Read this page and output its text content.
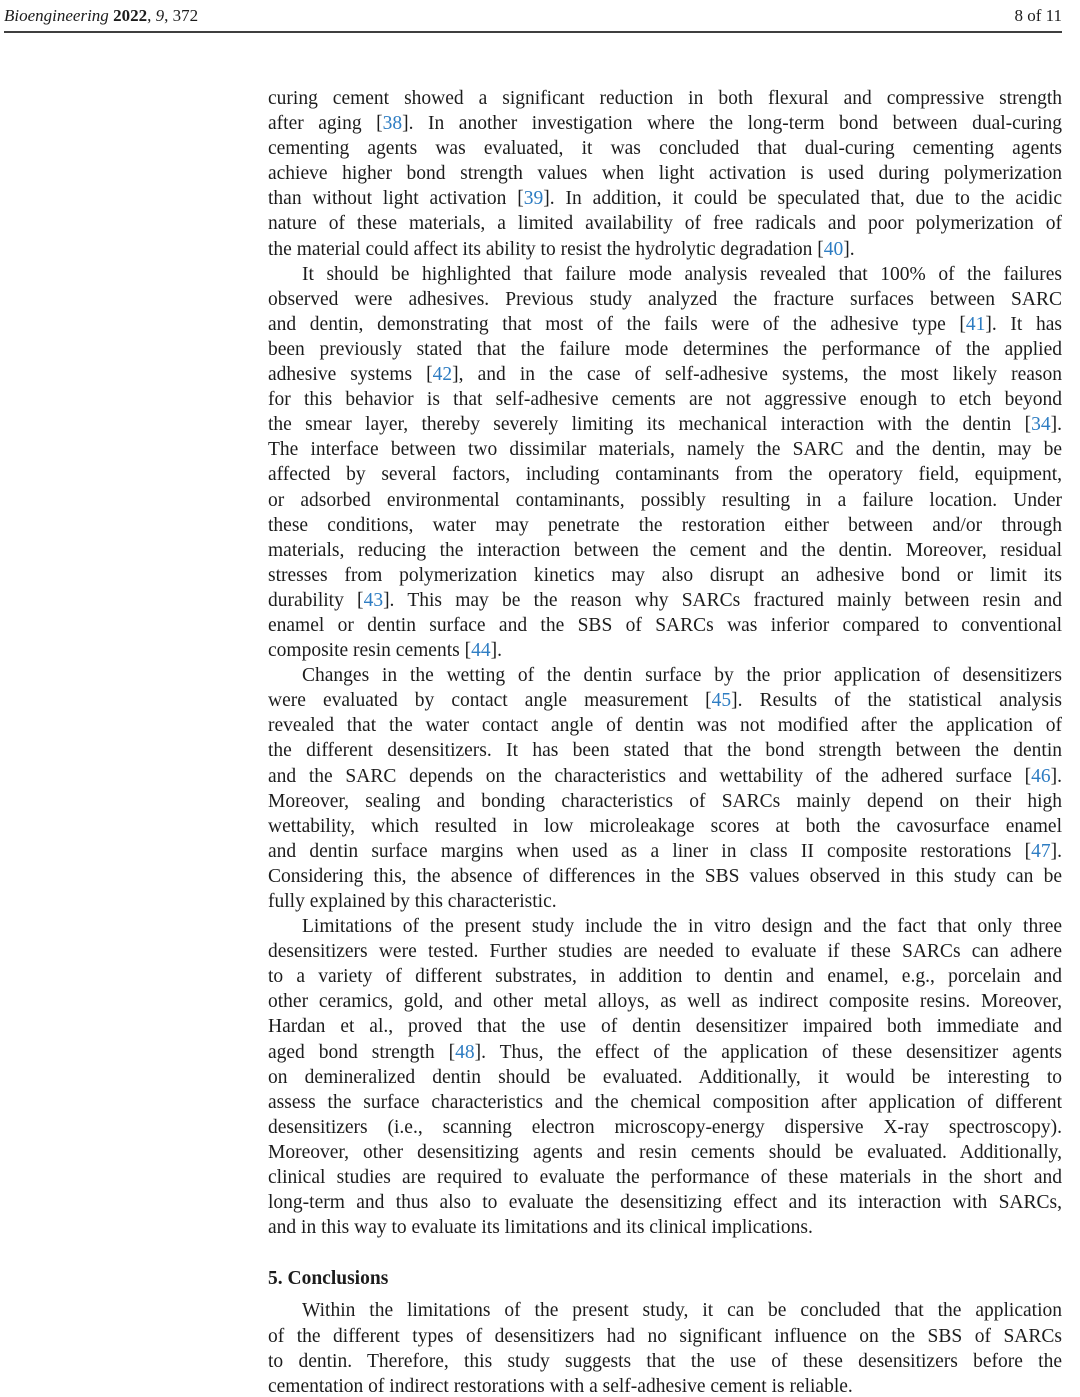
Bioengineering 2022, 9, 372	8 of 11
curing cement showed a significant reduction in both flexural and compressive strength
after aging [38]. In another investigation where the long-term bond between dual-curing
cementing agents was evaluated, it was concluded that dual-curing cementing agents
achieve higher bond strength values when light activation is used during polymerization
than without light activation [39]. In addition, it could be speculated that, due to the acidic
nature of these materials, a limited availability of free radicals and poor polymerization of
the material could affect its ability to resist the hydrolytic degradation [40].
It should be highlighted that failure mode analysis revealed that 100% of the failures
observed were adhesives. Previous study analyzed the fracture surfaces between SARC
and dentin, demonstrating that most of the fails were of the adhesive type [41]. It has
been previously stated that the failure mode determines the performance of the applied
adhesive systems [42], and in the case of self-adhesive systems, the most likely reason
for this behavior is that self-adhesive cements are not aggressive enough to etch beyond
the smear layer, thereby severely limiting its mechanical interaction with the dentin [34].
The interface between two dissimilar materials, namely the SARC and the dentin, may be
affected by several factors, including contaminants from the operatory field, equipment,
or adsorbed environmental contaminants, possibly resulting in a failure location. Under
these conditions, water may penetrate the restoration either between and/or through
materials, reducing the interaction between the cement and the dentin. Moreover, residual
stresses from polymerization kinetics may also disrupt an adhesive bond or limit its
durability [43]. This may be the reason why SARCs fractured mainly between resin and
enamel or dentin surface and the SBS of SARCs was inferior compared to conventional
composite resin cements [44].
Changes in the wetting of the dentin surface by the prior application of desensitizers
were evaluated by contact angle measurement [45]. Results of the statistical analysis
revealed that the water contact angle of dentin was not modified after the application of
the different desensitizers. It has been stated that the bond strength between the dentin
and the SARC depends on the characteristics and wettability of the adhered surface [46].
Moreover, sealing and bonding characteristics of SARCs mainly depend on their high
wettability, which resulted in low microleakage scores at both the cavosurface enamel
and dentin surface margins when used as a liner in class II composite restorations [47].
Considering this, the absence of differences in the SBS values observed in this study can be
fully explained by this characteristic.
Limitations of the present study include the in vitro design and the fact that only three
desensitizers were tested. Further studies are needed to evaluate if these SARCs can adhere
to a variety of different substrates, in addition to dentin and enamel, e.g., porcelain and
other ceramics, gold, and other metal alloys, as well as indirect composite resins. Moreover,
Hardan et al., proved that the use of dentin desensitizer impaired both immediate and
aged bond strength [48]. Thus, the effect of the application of these desensitizer agents
on demineralized dentin should be evaluated. Additionally, it would be interesting to
assess the surface characteristics and the chemical composition after application of different
desensitizers (i.e., scanning electron microscopy-energy dispersive X-ray spectroscopy).
Moreover, other desensitizing agents and resin cements should be evaluated. Additionally,
clinical studies are required to evaluate the performance of these materials in the short and
long-term and thus also to evaluate the desensitizing effect and its interaction with SARCs,
and in this way to evaluate its limitations and its clinical implications.
5. Conclusions
Within the limitations of the present study, it can be concluded that the application
of the different types of desensitizers had no significant influence on the SBS of SARCs
to dentin. Therefore, this study suggests that the use of these desensitizers before the
cementation of indirect restorations with a self-adhesive cement is reliable.
